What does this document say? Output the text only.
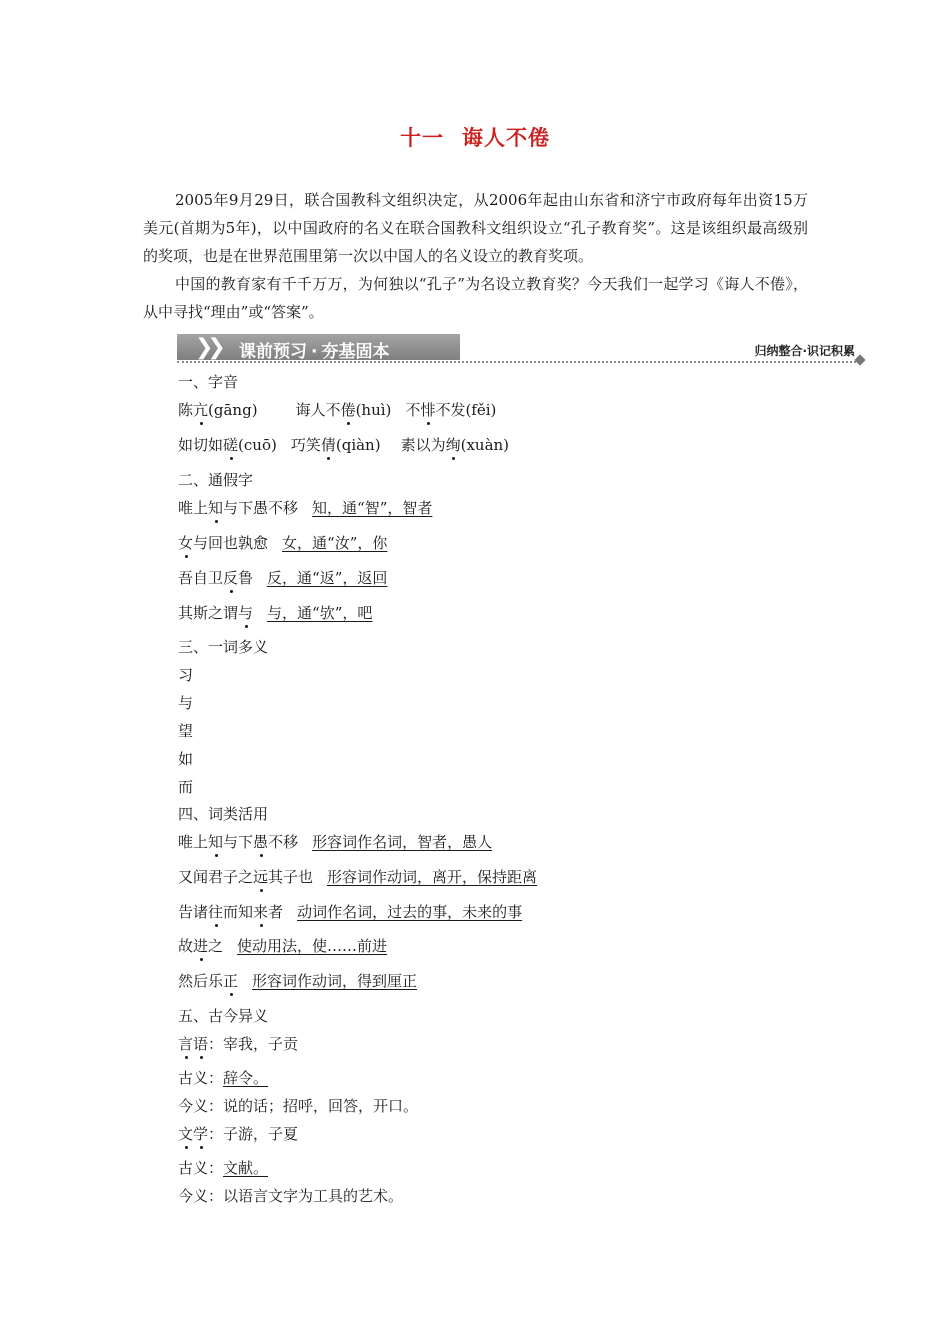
十一 诲人不倦

2005年9月29日，联合国教科文组织决定，从2006年起由山东省和济宁市政府每年出资15万美元(首期为5年)，以中国政府的名义在联合国教科文组织设立“孔子教育奖”。这是该组织最高级别的奖项，也是在世界范围里第一次以中国人的名义设立的教育奖项。

中国的教育家有千千万万，为何独以“孔子”为名设立教育奖？今天我们一起学习《诲人不倦》，从中寻找“理由”或“答案”。

❯❯ 课前预习 · 夯基固本	归纳整合·识记积累
一、字音
陈亢(gāng)	诲人不倦(huì) 不悱不发(fěi)
如切如磋(cuō) 巧笑倩(qiàn) 素以为绚(xuàn)
二、通假字
唯上知与下愚不移 知，通“智”，智者
女与回也孰愈 女，通“汝”，你
吾自卫反鲁 反，通“返”，返回
其斯之谓与 与，通“欤”，吧
三、一词多义
习
与
望
如
而
四、词类活用
唯上知与下愚不移 形容词作名词，智者，愚人
又闻君子之远其子也 形容词作动词，离开，保持距离
告诸往而知来者 动词作名词，过去的事，未来的事
故进之 使动用法，使……前进
然后乐正 形容词作动词，得到厘正
五、古今异义
言语：宰我，子贡
古义：辞令。
今义：说的话；招呼，回答，开口。
文学：子游，子夏
古义：文献。
今义：以语言文字为工具的艺术。
